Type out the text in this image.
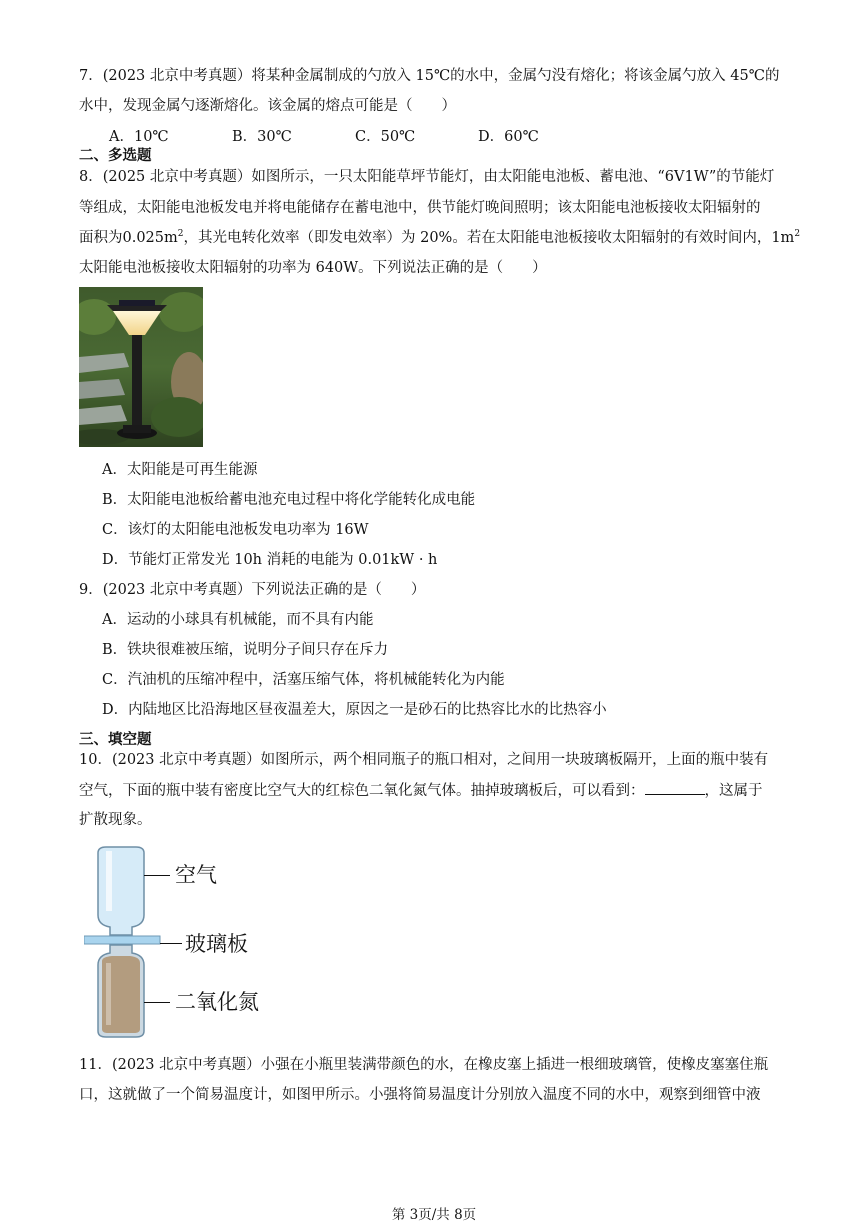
7．(2023 北京中考真题）将某种金属制成的勺放入 15℃的水中，金属勺没有熔化；将该金属勺放入 45℃的
水中，发现金属勺逐渐熔化。该金属的熔点可能是（　　）
A．10℃	B．30℃	C．50℃	D．60℃
二、多选题
8．(2025 北京中考真题）如图所示，一只太阳能草坪节能灯，由太阳能电池板、蓄电池、“6V1W”的节能灯
等组成，太阳能电池板发电并将电能储存在蓄电池中，供节能灯晚间照明；该太阳能电池板接收太阳辐射的
面积为$0.025m^2$，其光电转化效率（即发电效率）为 20%。若在太阳能电池板接收太阳辐射的有效时间内，$1m^2$
太阳能电池板接收太阳辐射的功率为 640W。下列说法正确的是（　　）
A．太阳能是可再生能源
B．太阳能电池板给蓄电池充电过程中将化学能转化成电能
C．该灯的太阳能电池板发电功率为 16W
D．节能灯正常发光 10h 消耗的电能为 0.01kW · h
9．(2023 北京中考真题）下列说法正确的是（　　）
A．运动的小球具有机械能，而不具有内能
B．铁块很难被压缩，说明分子间只存在斥力
C．汽油机的压缩冲程中，活塞压缩气体，将机械能转化为内能
D．内陆地区比沿海地区昼夜温差大，原因之一是砂石的比热容比水的比热容小
三、填空题
10．(2023 北京中考真题）如图所示，两个相同瓶子的瓶口相对，之间用一块玻璃板隔开，上面的瓶中装有
空气，下面的瓶中装有密度比空气大的红棕色二氧化氮气体。抽掉玻璃板后，可以看到：	，这属于
扩散现象。
空气
玻璃板
二氧化氮
11．(2023 北京中考真题）小强在小瓶里装满带颜色的水，在橡皮塞上插进一根细玻璃管，使橡皮塞塞住瓶
口，这就做了一个简易温度计，如图甲所示。小强将简易温度计分别放入温度不同的水中，观察到细管中液
第 3页/共 8页
